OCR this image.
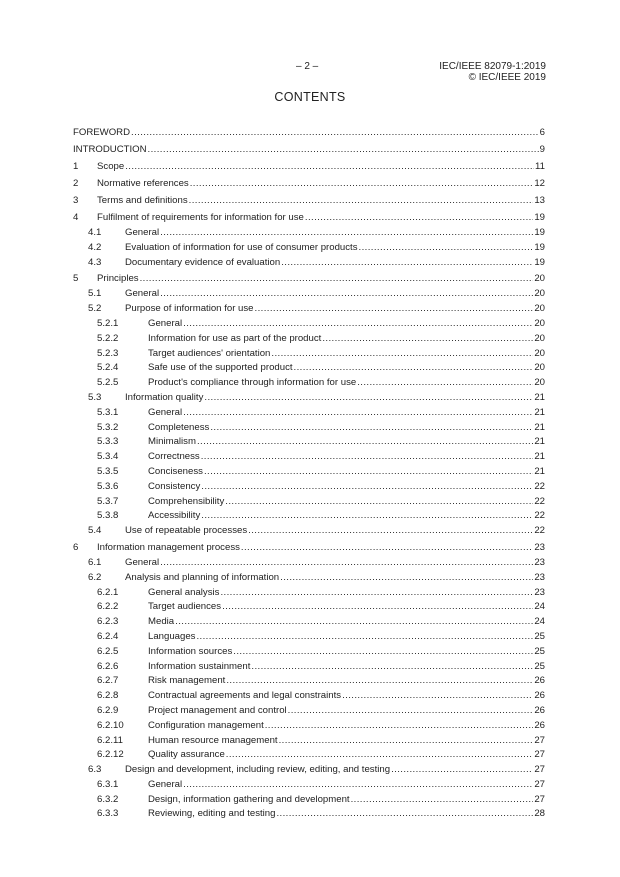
– 2 –	IEC/IEEE 82079-1:2019
© IEC/IEEE 2019
CONTENTS
FOREWORD .....	6
INTRODUCTION .....	9
1	Scope .....	11
2	Normative references .....	12
3	Terms and definitions .....	13
4	Fulfilment of requirements for information for use .....	19
4.1	General .....	19
4.2	Evaluation of information for use of consumer products .....	19
4.3	Documentary evidence of evaluation .....	19
5	Principles .....	20
5.1	General .....	20
5.2	Purpose of information for use .....	20
5.2.1	General .....	20
5.2.2	Information for use as part of the product .....	20
5.2.3	Target audiences' orientation .....	20
5.2.4	Safe use of the supported product .....	20
5.2.5	Product's compliance through information for use .....	20
5.3	Information quality .....	21
5.3.1	General .....	21
5.3.2	Completeness .....	21
5.3.3	Minimalism .....	21
5.3.4	Correctness .....	21
5.3.5	Conciseness .....	21
5.3.6	Consistency .....	22
5.3.7	Comprehensibility .....	22
5.3.8	Accessibility .....	22
5.4	Use of repeatable processes .....	22
6	Information management process .....	23
6.1	General .....	23
6.2	Analysis and planning of information .....	23
6.2.1	General analysis .....	23
6.2.2	Target audiences .....	24
6.2.3	Media .....	24
6.2.4	Languages .....	25
6.2.5	Information sources .....	25
6.2.6	Information sustainment .....	25
6.2.7	Risk management .....	26
6.2.8	Contractual agreements and legal constraints .....	26
6.2.9	Project management and control .....	26
6.2.10	Configuration management .....	26
6.2.11	Human resource management .....	27
6.2.12	Quality assurance .....	27
6.3	Design and development, including review, editing, and testing .....	27
6.3.1	General .....	27
6.3.2	Design, information gathering and development .....	27
6.3.3	Reviewing, editing and testing .....	28
